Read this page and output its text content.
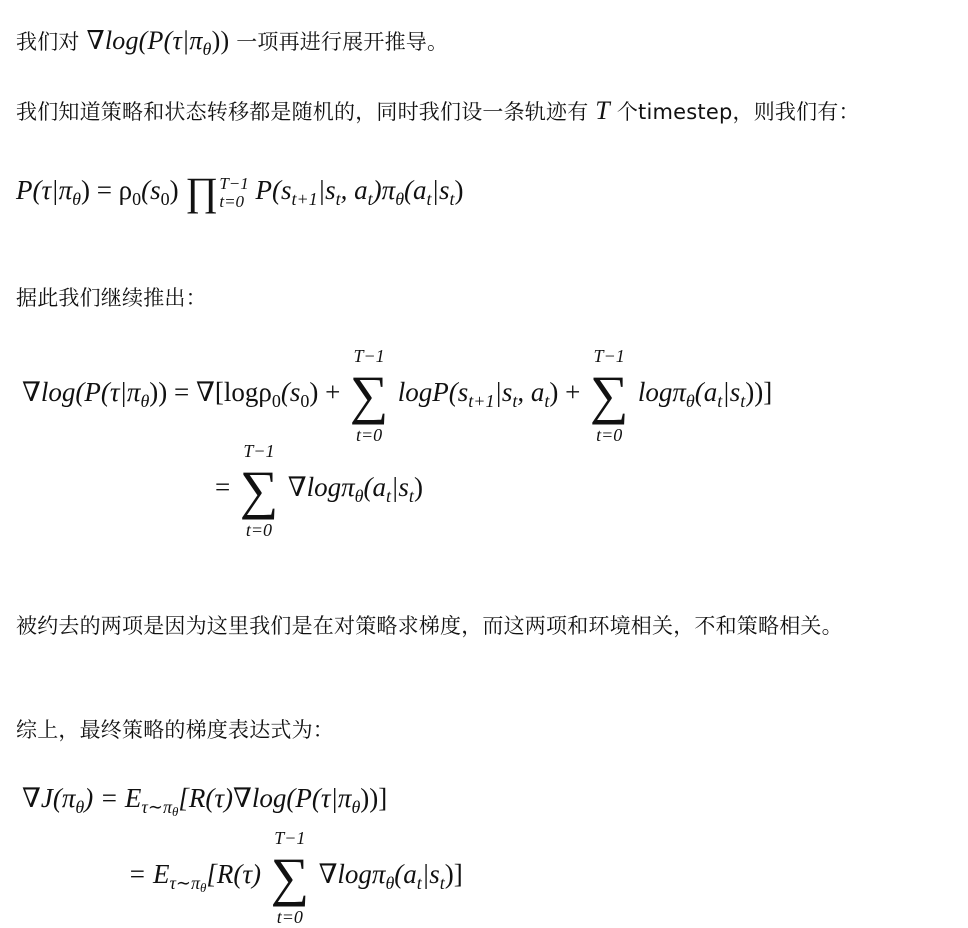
我们对 $\nabla\log(P(\tau|\pi_\theta))$ 一项再进行展开推导。
我们知道策略和状态转移都是随机的，同时我们设一条轨迹有 T 个timestep，则我们有：
$P(\tau|\pi_\theta) = \rho_0(s_0)$ ∏ T−1
t=0 $P(s_{t+1}|s_t$, $a_t)\pi_\theta(a_t|s_t)$
据此我们继续推出：
$\nabla\log(P(\tau|\pi_\theta)) = \nabla[\log\rho_0(s_0)$ +
T−1
∑
t=0
$\log P(s_{t+1}|s_t$, $a_t$) +
T−1
∑
t=0
$\log\pi_\theta(a_t|s_t)$)]
=
T−1
∑
t=0
$\nabla\log\pi_\theta(a_t|s_t)$
被约去的两项是因为这里我们是在对策略求梯度，而这两项和环境相关，不和策略相关。
综上，最终策略的梯度表达式为：
$\nabla J(\pi_\theta) = E_{\tau\sim\pi\theta}[R(\tau)\nabla\log(P(\tau|\pi_\theta))]$
= $E_{\tau\sim\pi\theta}[R(\tau)$
T−1
∑
t=0
$\nabla\log\pi_\theta(a_t|s_t)$]
